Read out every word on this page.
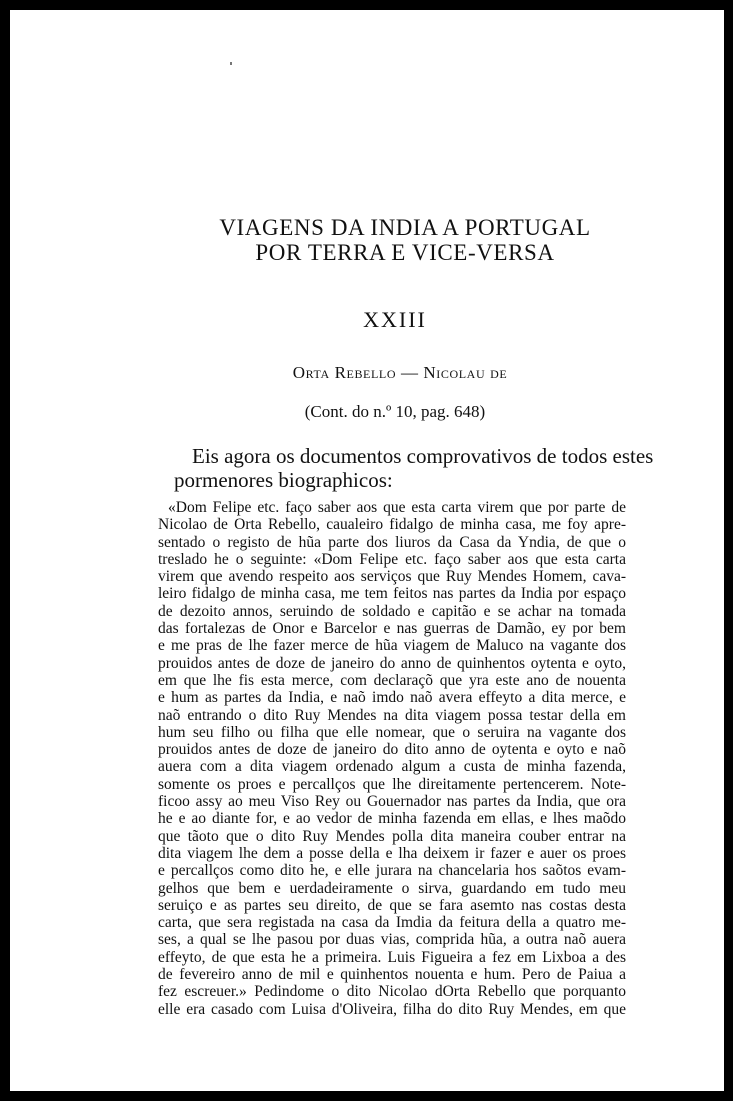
VIAGENS DA INDIA A PORTUGAL
POR TERRA E VICE-VERSA
XXIII
Orta Rebello — Nicolau de
(Cont. do n.º 10, pag. 648)
Eis agora os documentos comprovativos de todos estes
pormenores biographicos:
«Dom Felipe etc. faço saber aos que esta carta virem que por parte de
Nicolao de Orta Rebello, caualeiro fidalgo de minha casa, me foy apre-
sentado o registo de hũa parte dos liuros da Casa da Yndia, de que o
treslado he o seguinte: «Dom Felipe etc. faço saber aos que esta carta
virem que avendo respeito aos serviços que Ruy Mendes Homem, cava-
leiro fidalgo de minha casa, me tem feitos nas partes da India por espaço
de dezoito annos, seruindo de soldado e capitão e se achar na tomada
das fortalezas de Onor e Barcelor e nas guerras de Damão, ey por bem
e me pras de lhe fazer merce de hũa viagem de Maluco na vagante dos
prouidos antes de doze de janeiro do anno de quinhentos oytenta e oyto,
em que lhe fis esta merce, com declaraçõ que yra este ano de nouenta
e hum as partes da India, e naõ imdo naõ avera effeyto a dita merce, e
naõ entrando o dito Ruy Mendes na dita viagem possa testar della em
hum seu filho ou filha que elle nomear, que o seruira na vagante dos
prouidos antes de doze de janeiro do dito anno de oytenta e oyto e naõ
auera com a dita viagem ordenado algum a custa de minha fazenda,
somente os proes e percallços que lhe direitamente pertencerem. Note-
ficoo assy ao meu Viso Rey ou Gouernador nas partes da India, que ora
he e ao diante for, e ao vedor de minha fazenda em ellas, e lhes maõdo
que tãoto que o dito Ruy Mendes polla dita maneira couber entrar na
dita viagem lhe dem a posse della e lha deixem ir fazer e auer os proes
e percallços como dito he, e elle jurara na chancelaria hos saõtos evam-
gelhos que bem e uerdadeiramente o sirva, guardando em tudo meu
seruiço e as partes seu direito, de que se fara asemto nas costas desta
carta, que sera registada na casa da Imdia da feitura della a quatro me-
ses, a qual se lhe pasou por duas vias, comprida hũa, a outra naõ auera
effeyto, de que esta he a primeira. Luis Figueira a fez em Lixboa a des
de fevereiro anno de mil e quinhentos nouenta e hum. Pero de Paiua a
fez escreuer.» Pedindome o dito Nicolao dOrta Rebello que porquanto
elle era casado com Luisa d'Oliveira, filha do dito Ruy Mendes, em que
